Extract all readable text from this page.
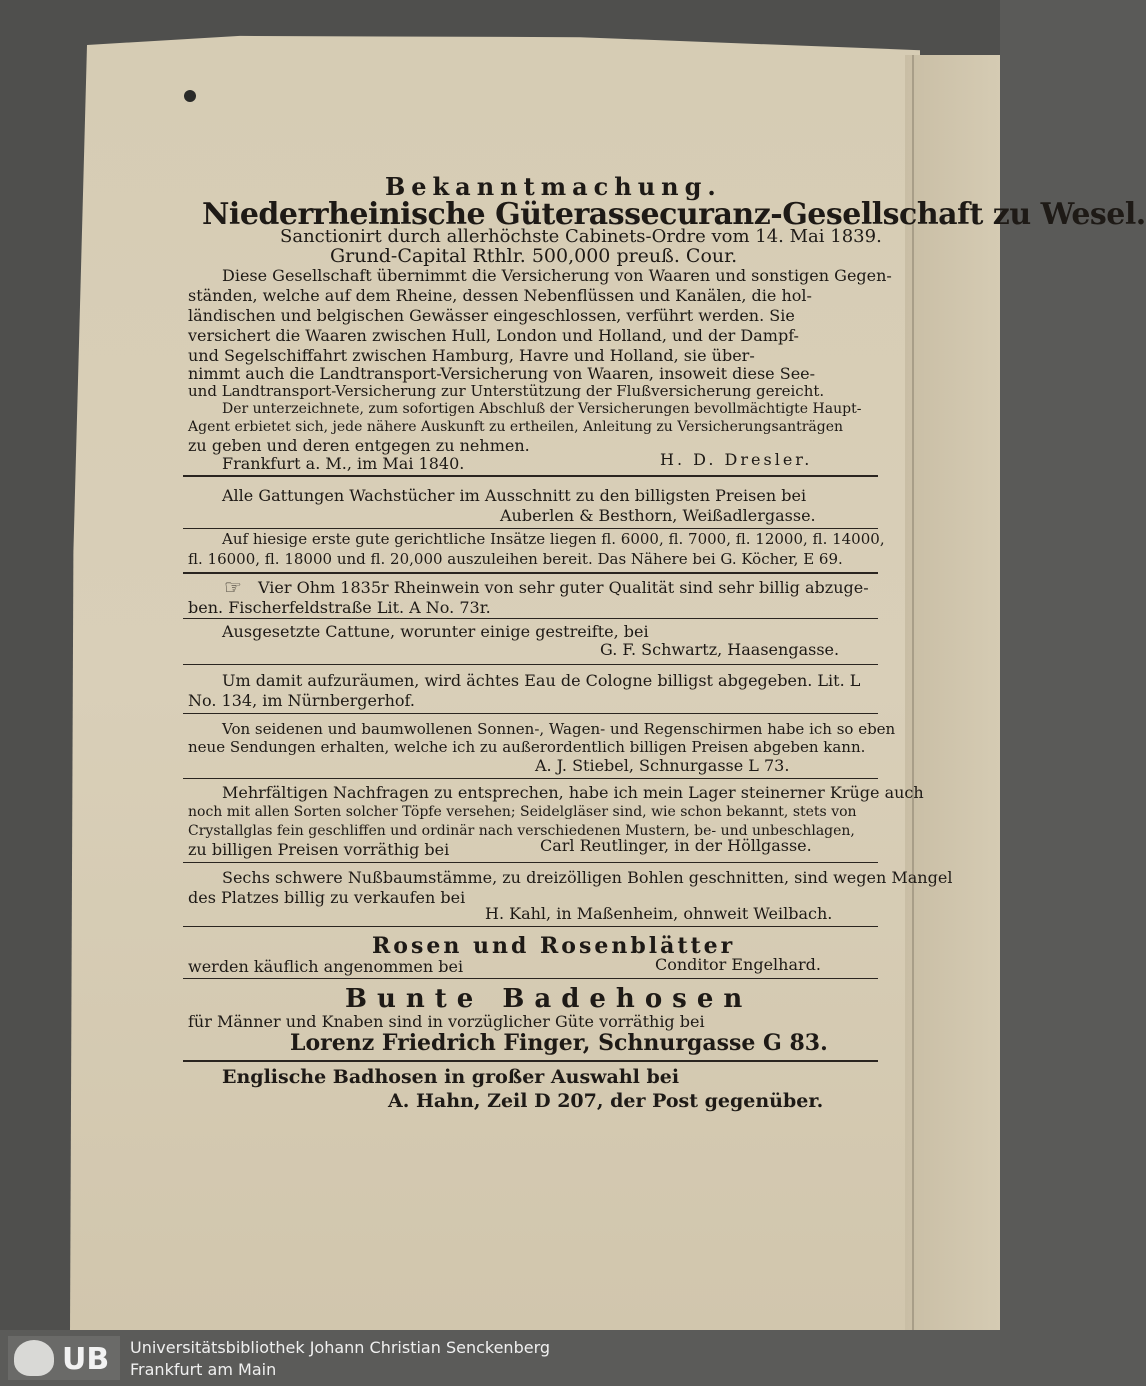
Bekanntmachung.
Niederrheinische Güterassecuranz-Gesellschaft zu Wesel.
Sanctionirt durch allerhöchste Cabinets-Ordre vom 14. Mai 1839.
Grund-Capital Rthlr. 500,000 preuß. Cour.
Diese Gesellschaft übernimmt die Versicherung von Waaren und sonstigen Gegen-
ständen, welche auf dem Rheine, dessen Nebenflüssen und Kanälen, die hol-
ländischen und belgischen Gewässer eingeschlossen, verführt werden. Sie
versichert die Waaren zwischen Hull, London und Holland, und der Dampf-
und Segelschiffahrt zwischen Hamburg, Havre und Holland, sie über-
nimmt auch die Landtransport-Versicherung von Waaren, insoweit diese See-
und Landtransport-Versicherung zur Unterstützung der Flußversicherung gereicht.
Der unterzeichnete, zum sofortigen Abschluß der Versicherungen bevollmächtigte Haupt-
Agent erbietet sich, jede nähere Auskunft zu ertheilen, Anleitung zu Versicherungsanträgen
zu geben und deren entgegen zu nehmen.
Frankfurt a. M., im Mai 1840.	H. D. Dresler.
Alle Gattungen Wachstücher im Ausschnitt zu den billigsten Preisen bei
Auberlen & Besthorn, Weißadlergasse.
Auf hiesige erste gute gerichtliche Insätze liegen fl. 6000, fl. 7000, fl. 12000, fl. 14000,
fl. 16000, fl. 18000 und fl. 20,000 auszuleihen bereit. Das Nähere bei G. Köcher, E 69.
☞ Vier Ohm 1835r Rheinwein von sehr guter Qualität sind sehr billig abzuge-
ben. Fischerfeldstraße Lit. A No. 73r.
Ausgesetzte Cattune, worunter einige gestreifte, bei
G. F. Schwartz, Haasengasse.
Um damit aufzuräumen, wird ächtes Eau de Cologne billigst abgegeben. Lit. L
No. 134, im Nürnbergerhof.
Von seidenen und baumwollenen Sonnen-, Wagen- und Regenschirmen habe ich so eben
neue Sendungen erhalten, welche ich zu außerordentlich billigen Preisen abgeben kann.
A. J. Stiebel, Schnurgasse L 73.
Mehrfältigen Nachfragen zu entsprechen, habe ich mein Lager steinerner Krüge auch
noch mit allen Sorten solcher Töpfe versehen; Seidelgläser sind, wie schon bekannt, stets von
Crystallglas fein geschliffen und ordinär nach verschiedenen Mustern, be- und unbeschlagen,
zu billigen Preisen vorräthig bei	Carl Reutlinger, in der Höllgasse.
Sechs schwere Nußbaumstämme, zu dreizölligen Bohlen geschnitten, sind wegen Mangel
des Platzes billig zu verkaufen bei
H. Kahl, in Maßenheim, ohnweit Weilbach.
Rosen und Rosenblätter
werden käuflich angenommen bei	Conditor Engelhard.
Bunte Badehosen
für Männer und Knaben sind in vorzüglicher Güte vorräthig bei
Lorenz Friedrich Finger, Schnurgasse G 83.
Englische Badhosen in großer Auswahl bei
A. Hahn, Zeil D 207, der Post gegenüber.
UB Universitätsbibliothek Johann Christian Senckenberg
Frankfurt am Main
